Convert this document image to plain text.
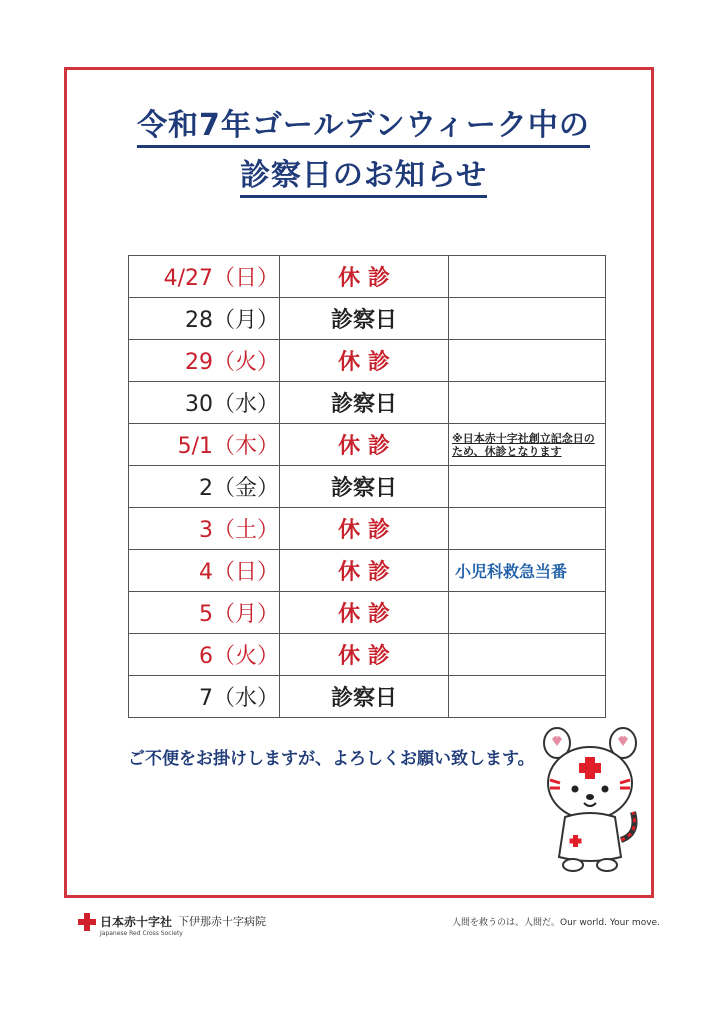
令和7年ゴールデンウィーク中の
診察日のお知らせ
4/27（日）	休 診	
28（月）	診察日	
29（火）	休 診	
30（水）	診察日	
5/1（木）	休 診	※日本赤十字社創立記念日のため、休診となります

2（金）	診察日	
3（土）	休 診	
4（日）	休 診	小児科救急当番
5（月）	休 診	
6（火）	休 診	
7（水）	診察日	
ご不便をお掛けしますが、よろしくお願い致します。
日本赤十字社
Japanese Red Cross Society
下伊那赤十字病院	人間を救うのは、人間だ。Our world. Your move.
